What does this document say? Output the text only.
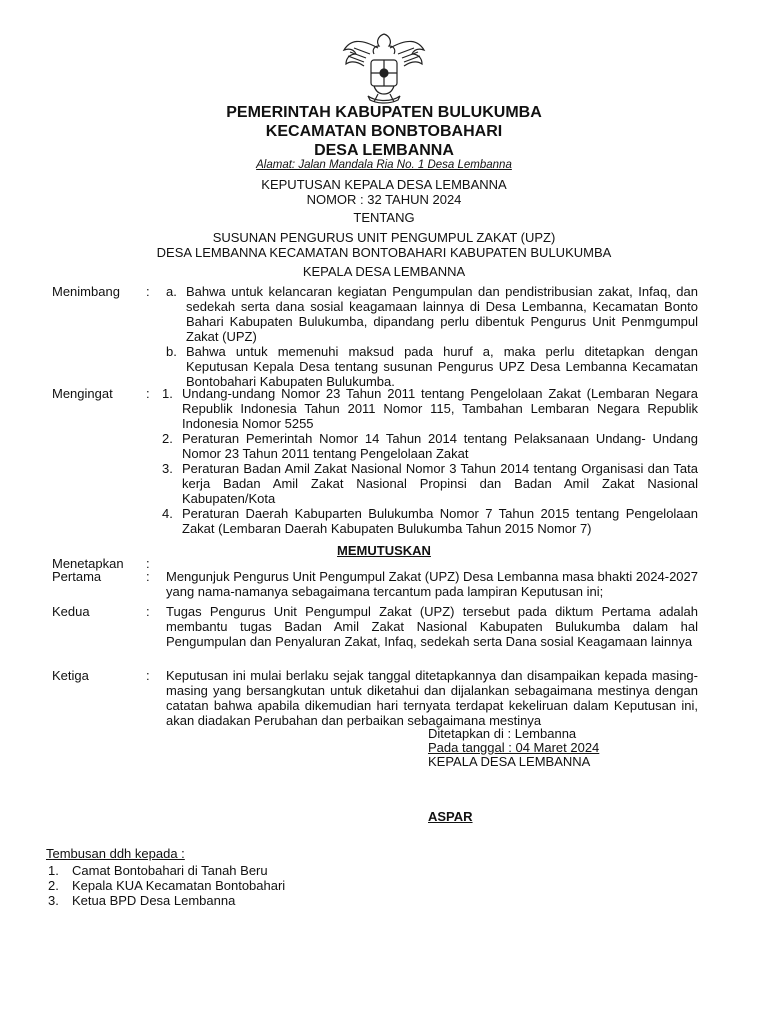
PEMERINTAH KABUPATEN BULUKUMBA
KECAMATAN BONBTOBAHARI
DESA LEMBANNA
Alamat: Jalan Mandala Ria No. 1 Desa Lembanna
KEPUTUSAN KEPALA DESA LEMBANNA
NOMOR : 32 TAHUN 2024
TENTANG
SUSUNAN PENGURUS UNIT PENGUMPUL ZAKAT (UPZ)
DESA LEMBANNA KECAMATAN BONTOBAHARI KABUPATEN BULUKUMBA
KEPALA DESA LEMBANNA
Menimbang	: a. Bahwa untuk kelancaran kegiatan Pengumpulan dan pendistribusian zakat, Infaq, dan sedekah serta dana sosial keagamaan lainnya di Desa Lembanna, Kecamatan Bonto Bahari Kabupaten Bulukumba, dipandang perlu dibentuk Pengurus Unit Penmgumpul Zakat (UPZ)
b. Bahwa untuk memenuhi maksud pada huruf a, maka perlu ditetapkan dengan Keputusan Kepala Desa tentang susunan Pengurus UPZ Desa Lembanna Kecamatan Bontobahari Kabupaten Bulukumba.
Mengingat	: 1. Undang-undang Nomor 23 Tahun 2011 tentang Pengelolaan Zakat (Lembaran Negara Republik Indonesia Tahun 2011 Nomor 115, Tambahan Lembaran Negara Republik Indonesia Nomor 5255
2. Peraturan Pemerintah Nomor 14 Tahun 2014 tentang Pelaksanaan Undang- Undang Nomor 23 Tahun 2011 tentang Pengelolaan Zakat
3. Peraturan Badan Amil Zakat Nasional Nomor 3 Tahun 2014 tentang Organisasi dan Tata kerja Badan Amil Zakat Nasional Propinsi dan Badan Amil Zakat Nasional Kabupaten/Kota
4. Peraturan Daerah Kabuparten Bulukumba Nomor 7 Tahun 2015 tentang Pengelolaan Zakat (Lembaran Daerah Kabupaten Bulukumba Tahun 2015 Nomor 7)
MEMUTUSKAN
Menetapkan	:
Pertama	: Mengunjuk Pengurus Unit Pengumpul Zakat (UPZ) Desa Lembanna masa bhakti 2024-2027 yang nama-namanya sebagaimana tercantum pada lampiran Keputusan ini;
Kedua	: Tugas Pengurus Unit Pengumpul Zakat (UPZ) tersebut pada diktum Pertama adalah membantu tugas Badan Amil Zakat Nasional Kabupaten Bulukumba dalam hal Pengumpulan dan Penyaluran Zakat, Infaq, sedekah serta Dana sosial Keagamaan lainnya
Ketiga	: Keputusan ini mulai berlaku sejak tanggal ditetapkannya dan disampaikan kepada masing-masing yang bersangkutan untuk diketahui dan dijalankan sebagaimana mestinya dengan catatan bahwa apabila dikemudian hari ternyata terdapat kekeliruan dalam Keputusan ini, akan diadakan Perubahan dan perbaikan sebagaimana mestinya
Ditetapkan di : Lembanna
Pada tanggal : 04 Maret 2024
KEPALA DESA LEMBANNA
ASPAR
Tembusan ddh kepada :
1.	Camat Bontobahari di Tanah Beru
2.	Kepala KUA Kecamatan Bontobahari
3.	Ketua BPD Desa Lembanna
